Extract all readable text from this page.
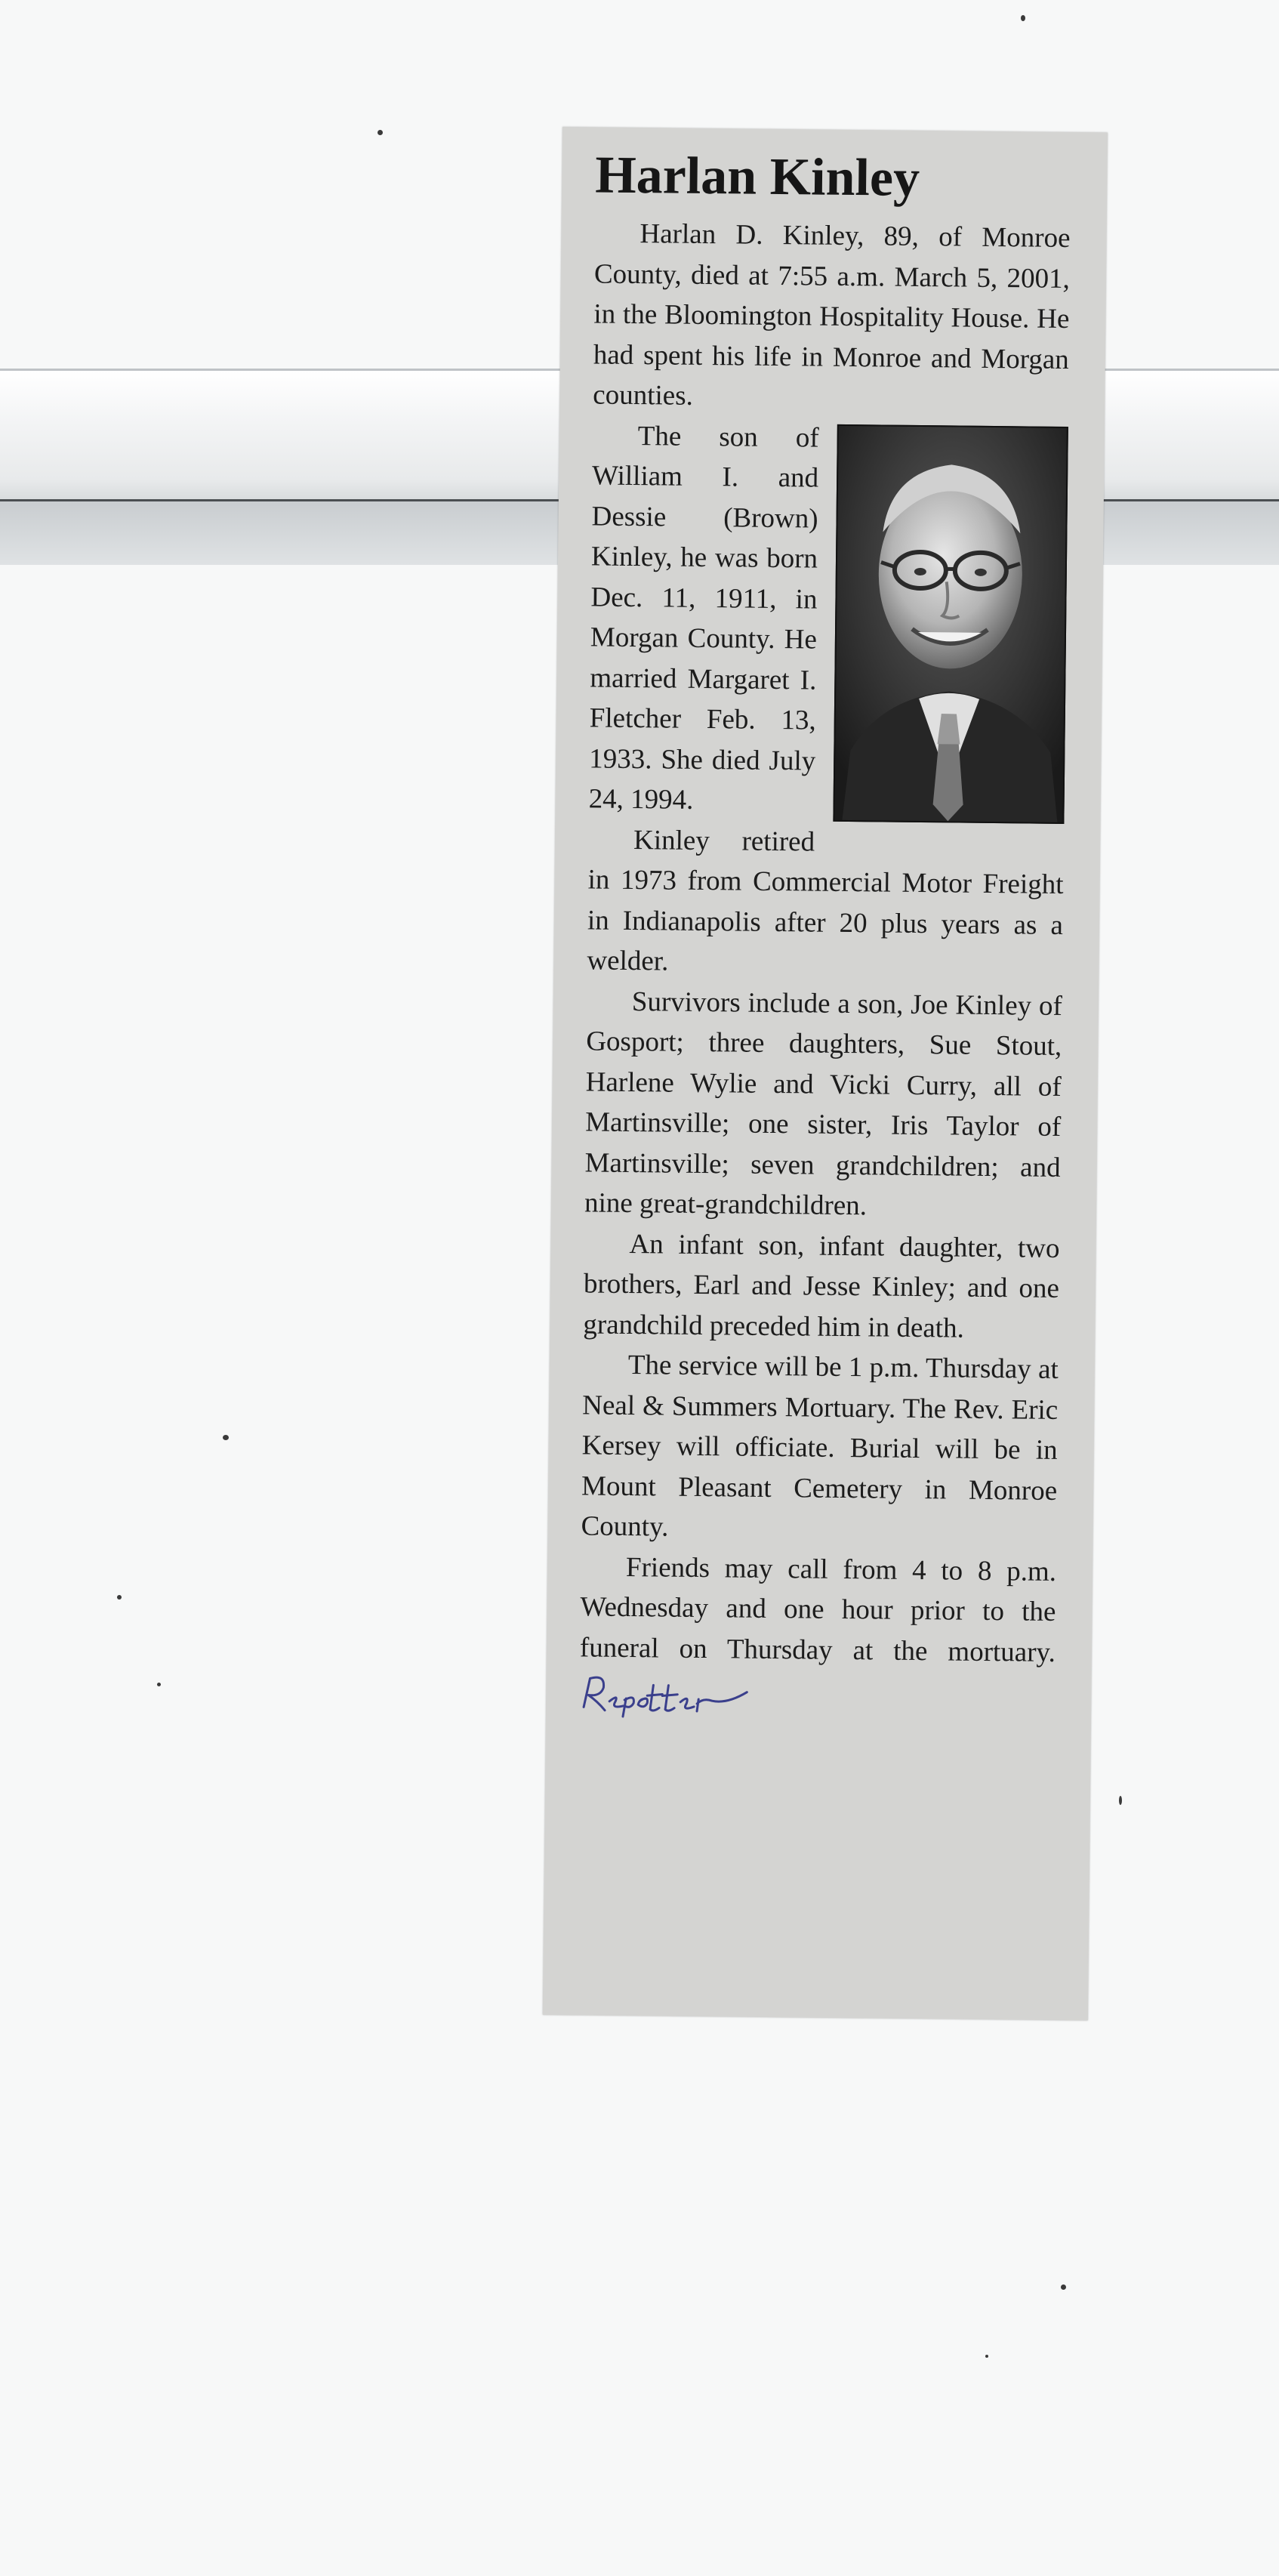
Harlan Kinley

Harlan D. Kinley, 89, of Monroe County, died at 7:55 a.m. March 5, 2001, in the Bloomington Hospitality House. He had spent his life in Monroe and Morgan counties.

The son of William I. and Dessie (Brown) Kinley, he was born Dec. 11, 1911, in Morgan County. He married Margaret I. Fletcher Feb. 13, 1933. She died July 24, 1994.

Kinley retired in 1973 from Commercial Motor Freight in Indianapolis after 20 plus years as a welder.

Survivors include a son, Joe Kinley of Gosport; three daughters, Sue Stout, Harlene Wylie and Vicki Curry, all of Martinsville; one sister, Iris Taylor of Martinsville; seven grandchildren; and nine great-grandchildren.

An infant son, infant daughter, two brothers, Earl and Jesse Kinley; and one grandchild preceded him in death.

The service will be 1 p.m. Thursday at Neal & Summers Mortuary. The Rev. Eric Kersey will officiate. Burial will be in Mount Pleasant Cemetery in Monroe County.

Friends may call from 4 to 8 p.m. Wednesday and one hour prior to the funeral on Thursday at the mortuary.
